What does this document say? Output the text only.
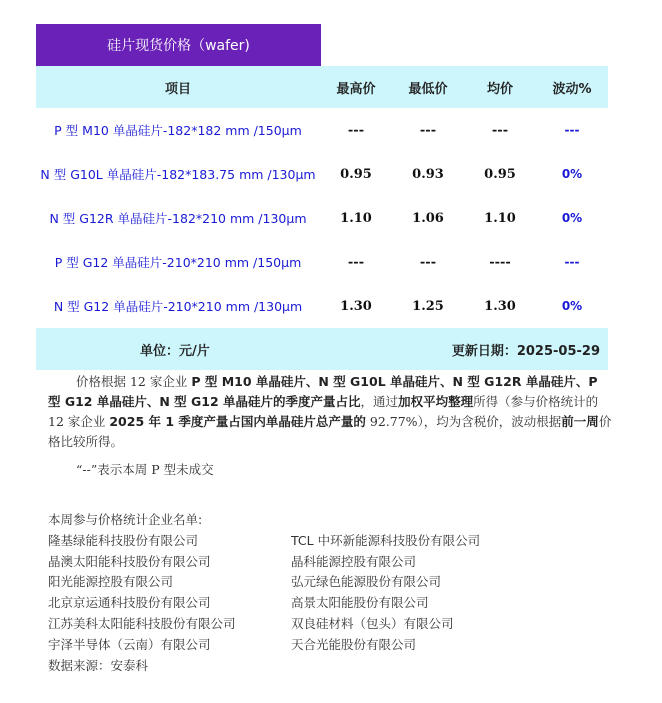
硅片现货价格（wafer)
项目	最高价	最低价	均价	波动%
P 型 M10 单晶硅片-182*182 mm /150µm	---	---	---	---
N 型 G10L 单晶硅片-182*183.75 mm /130µm	0.95	0.93	0.95	0%
N 型 G12R 单晶硅片-182*210 mm /130µm	1.10	1.06	1.10	0%
P 型 G12 单晶硅片-210*210 mm /150µm	---	---	----	---
N 型 G12 单晶硅片-210*210 mm /130µm	1.30	1.25	1.30	0%
单位：元/片	更新日期：2025-05-29

价格根据 12 家企业 P 型 M10 单晶硅片、N 型 G10L 单晶硅片、N 型 G12R 单晶硅片、P 型 G12 单晶硅片、N 型 G12 单晶硅片的季度产量占比，通过加权平均整理所得（参与价格统计的 12 家企业 2025 年 1 季度产量占国内单晶硅片总产量的 92.77%），均为含税价，波动根据前一周价格比较所得。

“--”表示本周 P 型未成交

本周参与价格统计企业名单:
隆基绿能科技股份有限公司	TCL 中环新能源科技股份有限公司
晶澳太阳能科技股份有限公司	晶科能源控股有限公司
阳光能源控股有限公司	弘元绿色能源股份有限公司
北京京运通科技股份有限公司	高景太阳能股份有限公司
江苏美科太阳能科技股份有限公司	双良硅材料（包头）有限公司
宇泽半导体（云南）有限公司	天合光能股份有限公司
数据来源：安泰科
